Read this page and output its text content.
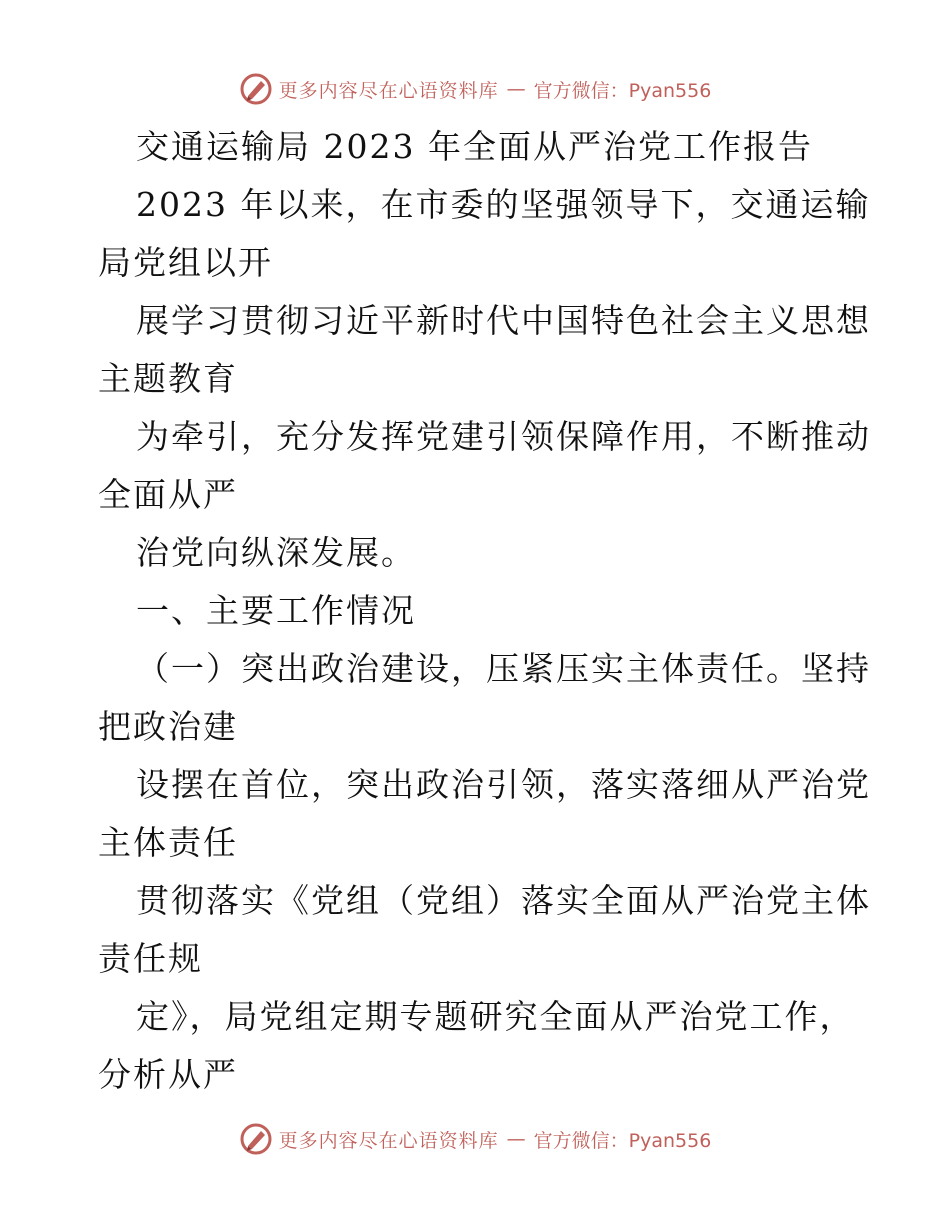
更多内容尽在心语资料库 — 官方微信：Pyan556
交通运输局 2023 年全面从严治党工作报告
2023 年以来，在市委的坚强领导下，交通运输
局党组以开
展学习贯彻习近平新时代中国特色社会主义思想
主题教育
为牵引，充分发挥党建引领保障作用，不断推动
全面从严
治党向纵深发展。
一、主要工作情况
（一）突出政治建设，压紧压实主体责任。坚持
把政治建
设摆在首位，突出政治引领，落实落细从严治党
主体责任
贯彻落实《党组（党组）落实全面从严治党主体
责任规
定》，局党组定期专题研究全面从严治党工作，
分析从严
更多内容尽在心语资料库 — 官方微信：Pyan556
